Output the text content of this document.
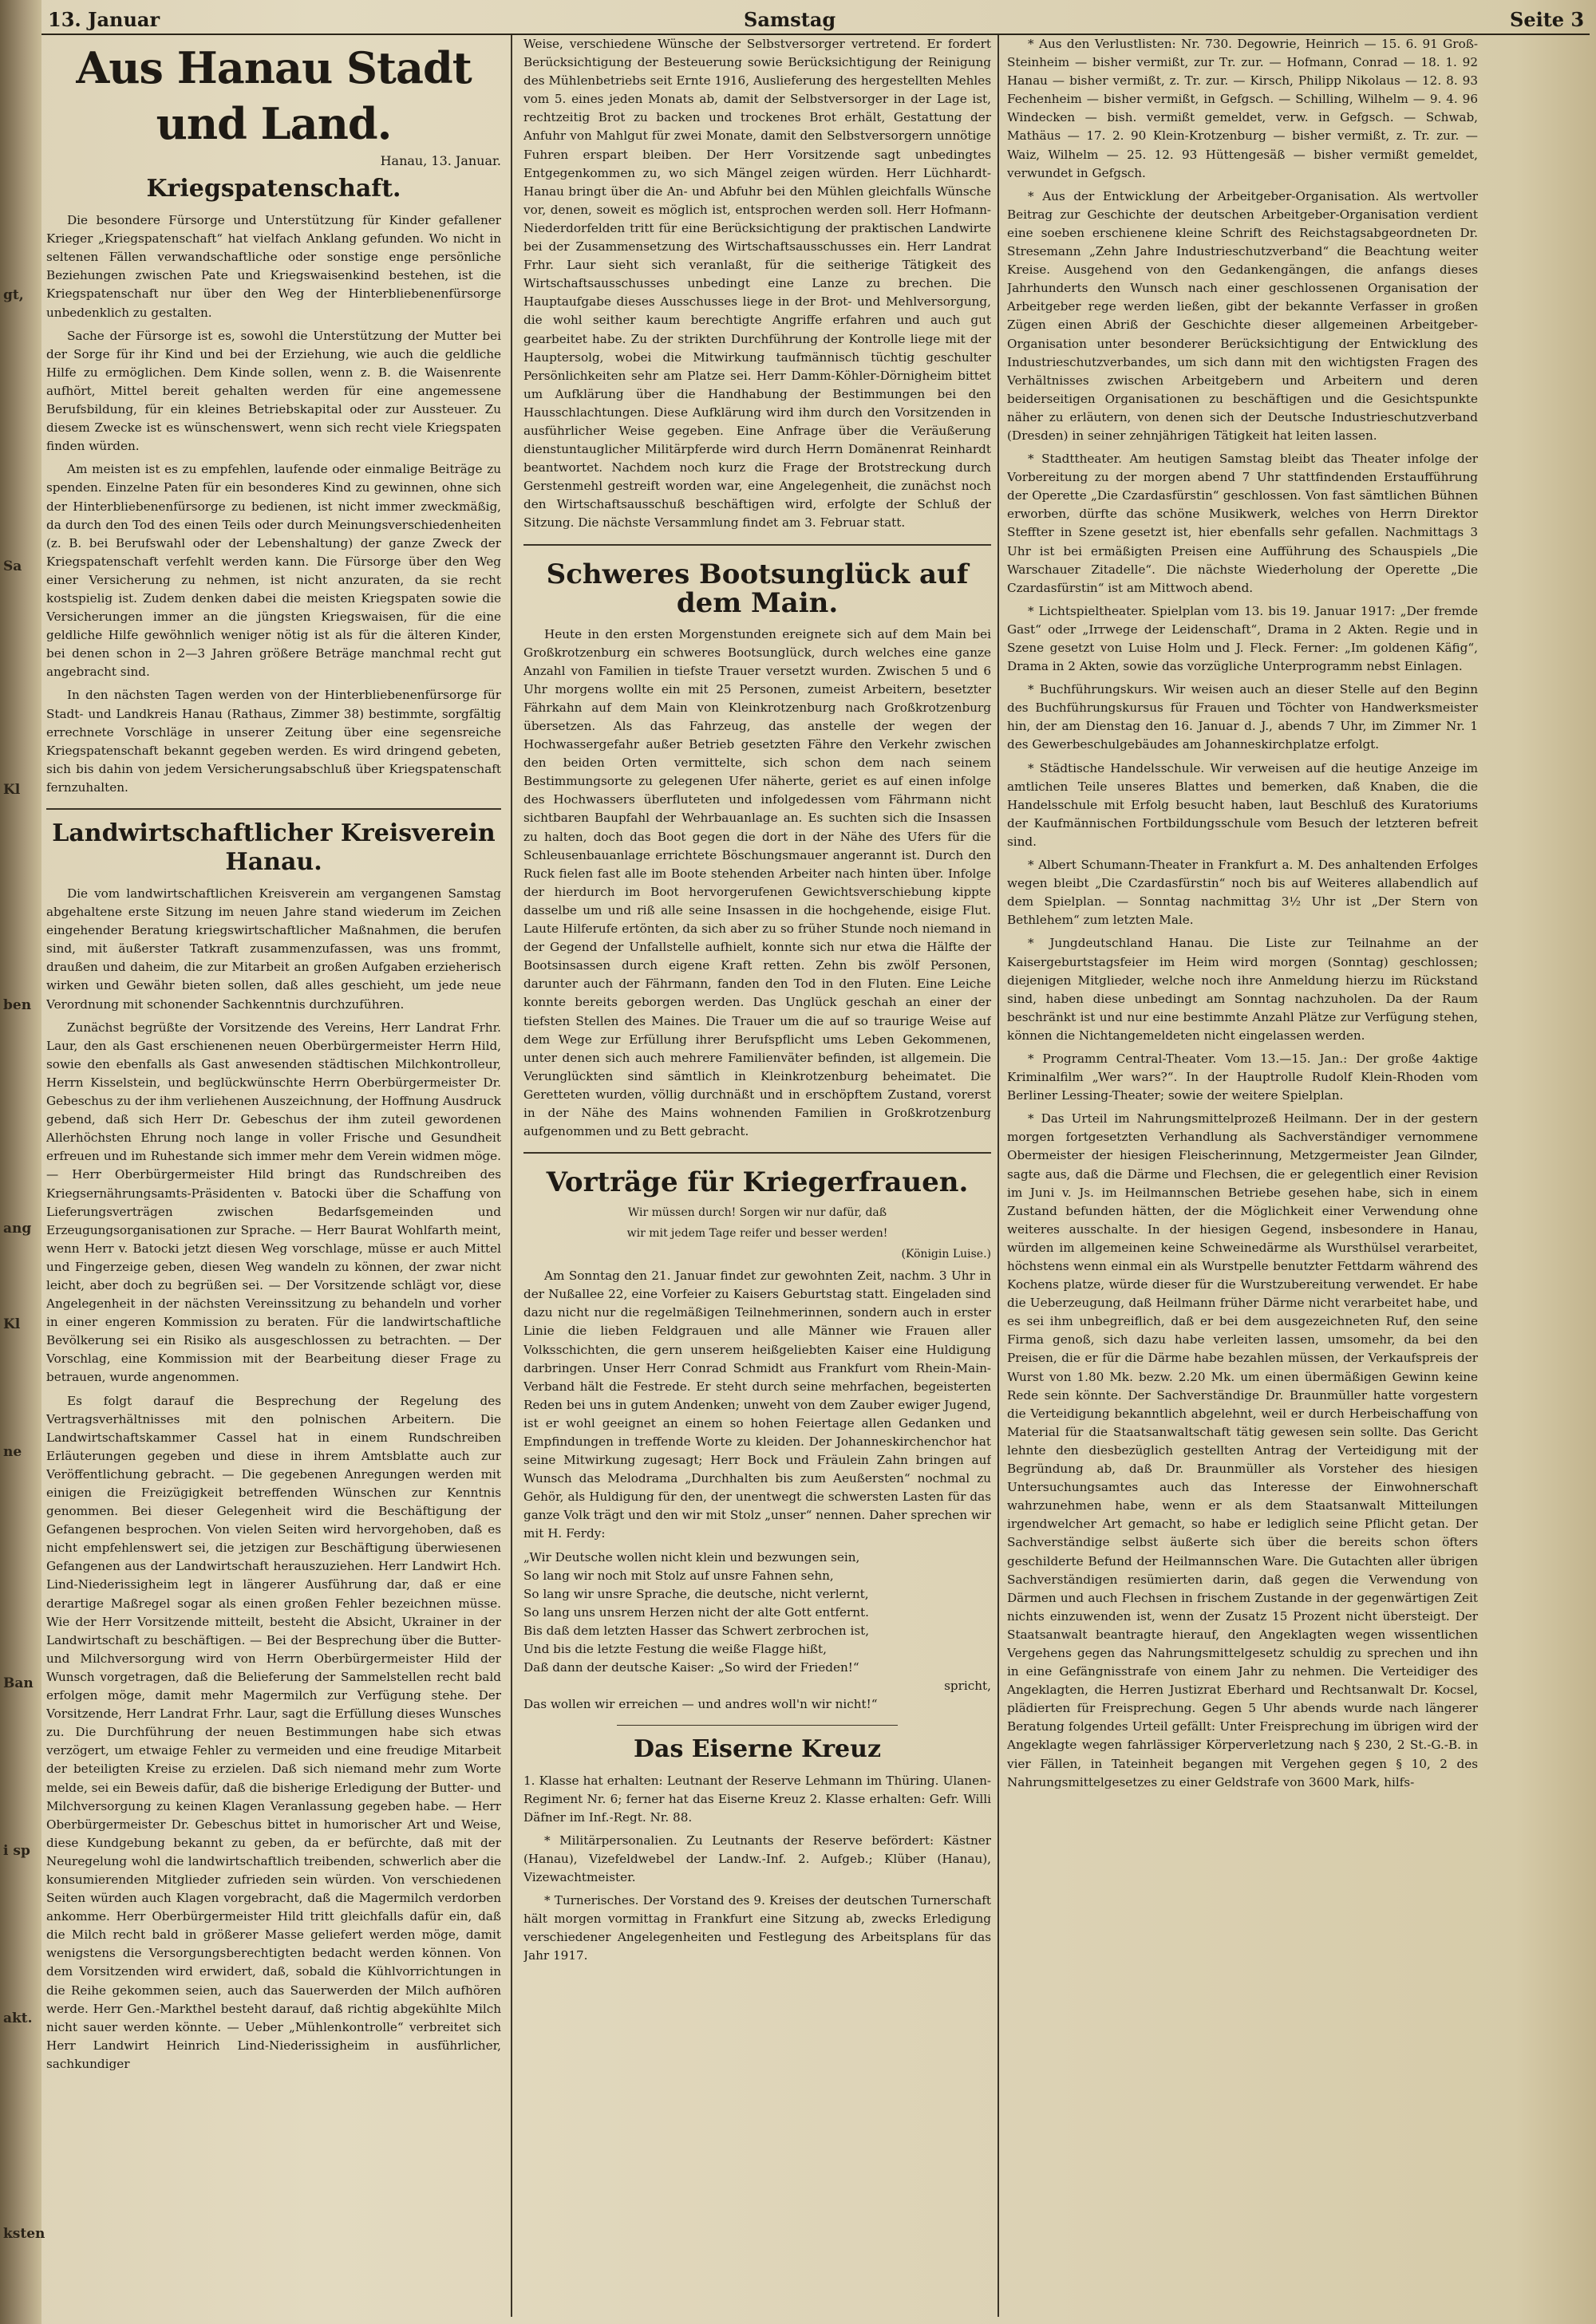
gt,
Sa
Kl
ben
ang
Kl
ne
Ban
i sp
akt.
ksten
13. Januar	Samstag	Seite 3
Aus Hanau Stadt und Land.

Hanau, 13. Januar.

Kriegspatenschaft.

Die besondere Fürsorge und Unterstützung für Kinder gefallener Krieger „Kriegspatenschaft“ hat vielfach Anklang gefunden. Wo nicht in seltenen Fällen verwandschaftliche oder sonstige enge persönliche Beziehungen zwischen Pate und Kriegswaisenkind bestehen, ist die Kriegspatenschaft nur über den Weg der Hinterbliebenenfürsorge unbedenklich zu gestalten.

Sache der Fürsorge ist es, sowohl die Unterstützung der Mutter bei der Sorge für ihr Kind und bei der Erziehung, wie auch die geldliche Hilfe zu ermöglichen. Dem Kinde sollen, wenn z. B. die Waisenrente aufhört, Mittel bereit gehalten werden für eine angemessene Berufsbildung, für ein kleines Betriebskapital oder zur Aussteuer. Zu diesem Zwecke ist es wünschenswert, wenn sich recht viele Kriegspaten finden würden.

Am meisten ist es zu empfehlen, laufende oder einmalige Beiträge zu spenden. Einzelne Paten für ein besonderes Kind zu gewinnen, ohne sich der Hinterbliebenenfürsorge zu bedienen, ist nicht immer zweckmäßig, da durch den Tod des einen Teils oder durch Meinungsverschiedenheiten (z. B. bei Berufswahl oder der Lebenshaltung) der ganze Zweck der Kriegspatenschaft verfehlt werden kann. Die Fürsorge über den Weg einer Versicherung zu nehmen, ist nicht anzuraten, da sie recht kostspielig ist. Zudem denken dabei die meisten Kriegspaten sowie die Versicherungen immer an die jüngsten Kriegswaisen, für die eine geldliche Hilfe gewöhnlich weniger nötig ist als für die älteren Kinder, bei denen schon in 2—3 Jahren größere Beträge manchmal recht gut angebracht sind.

In den nächsten Tagen werden von der Hinterbliebenenfürsorge für Stadt- und Landkreis Hanau (Rathaus, Zimmer 38) bestimmte, sorgfältig errechnete Vorschläge in unserer Zeitung über eine segensreiche Kriegspatenschaft bekannt gegeben werden. Es wird dringend gebeten, sich bis dahin von jedem Versicherungsabschluß über Kriegspatenschaft fernzuhalten.

Landwirtschaftlicher Kreisverein Hanau.

Die vom landwirtschaftlichen Kreisverein am vergangenen Samstag abgehaltene erste Sitzung im neuen Jahre stand wiederum im Zeichen eingehender Beratung kriegswirtschaftlicher Maßnahmen, die berufen sind, mit äußerster Tatkraft zusammenzufassen, was uns frommt, draußen und daheim, die zur Mitarbeit an großen Aufgaben erzieherisch wirken und Gewähr bieten sollen, daß alles geschieht, um jede neue Verordnung mit schonender Sachkenntnis durchzuführen.

Zunächst begrüßte der Vorsitzende des Vereins, Herr Landrat Frhr. Laur, den als Gast erschienenen neuen Oberbürgermeister Herrn Hild, sowie den ebenfalls als Gast anwesenden städtischen Milchkontrolleur, Herrn Kisselstein, und beglückwünschte Herrn Oberbürgermeister Dr. Gebeschus zu der ihm verliehenen Auszeichnung, der Hoffnung Ausdruck gebend, daß sich Herr Dr. Gebeschus der ihm zuteil gewordenen Allerhöchsten Ehrung noch lange in voller Frische und Gesundheit erfreuen und im Ruhestande sich immer mehr dem Verein widmen möge. — Herr Oberbürgermeister Hild bringt das Rundschreiben des Kriegsernährungsamts-Präsidenten v. Batocki über die Schaffung von Lieferungsverträgen zwischen Bedarfsgemeinden und Erzeugungsorganisationen zur Sprache. — Herr Baurat Wohlfarth meint, wenn Herr v. Batocki jetzt diesen Weg vorschlage, müsse er auch Mittel und Fingerzeige geben, diesen Weg wandeln zu können, der zwar nicht leicht, aber doch zu begrüßen sei. — Der Vorsitzende schlägt vor, diese Angelegenheit in der nächsten Vereinssitzung zu behandeln und vorher in einer engeren Kommission zu beraten. Für die landwirtschaftliche Bevölkerung sei ein Risiko als ausgeschlossen zu betrachten. — Der Vorschlag, eine Kommission mit der Bearbeitung dieser Frage zu betrauen, wurde angenommen.

Es folgt darauf die Besprechung der Regelung des Vertragsverhältnisses mit den polnischen Arbeitern. Die Landwirtschaftskammer Cassel hat in einem Rundschreiben Erläuterungen gegeben und diese in ihrem Amtsblatte auch zur Veröffentlichung gebracht. — Die gegebenen Anregungen werden mit einigen die Freizügigkeit betreffenden Wünschen zur Kenntnis genommen. Bei dieser Gelegenheit wird die Beschäftigung der Gefangenen besprochen. Von vielen Seiten wird hervorgehoben, daß es nicht empfehlenswert sei, die jetzigen zur Beschäftigung überwiesenen Gefangenen aus der Landwirtschaft herauszuziehen. Herr Landwirt Hch. Lind-Niederissigheim legt in längerer Ausführung dar, daß er eine derartige Maßregel sogar als einen großen Fehler bezeichnen müsse. Wie der Herr Vorsitzende mitteilt, besteht die Absicht, Ukrainer in der Landwirtschaft zu beschäftigen. — Bei der Besprechung über die Butter- und Milchversorgung wird von Herrn Oberbürgermeister Hild der Wunsch vorgetragen, daß die Belieferung der Sammelstellen recht bald erfolgen möge, damit mehr Magermilch zur Verfügung stehe. Der Vorsitzende, Herr Landrat Frhr. Laur, sagt die Erfüllung dieses Wunsches zu. Die Durchführung der neuen Bestimmungen habe sich etwas verzögert, um etwaige Fehler zu vermeiden und eine freudige Mitarbeit der beteiligten Kreise zu erzielen. Daß sich niemand mehr zum Worte melde, sei ein Beweis dafür, daß die bisherige Erledigung der Butter- und Milchversorgung zu keinen Klagen Veranlassung gegeben habe. — Herr Oberbürgermeister Dr. Gebeschus bittet in humorischer Art und Weise, diese Kundgebung bekannt zu geben, da er befürchte, daß mit der Neuregelung wohl die landwirtschaftlich treibenden, schwerlich aber die konsumierenden Mitglieder zufrieden sein würden. Von verschiedenen Seiten würden auch Klagen vorgebracht, daß die Magermilch verdorben ankomme. Herr Oberbürgermeister Hild tritt gleichfalls dafür ein, daß die Milch recht bald in größerer Masse geliefert werden möge, damit wenigstens die Versorgungsberechtigten bedacht werden können. Von dem Vorsitzenden wird erwidert, daß, sobald die Kühlvorrichtungen in die Reihe gekommen seien, auch das Sauerwerden der Milch aufhören werde. Herr Gen.-Markthel besteht darauf, daß richtig abgekühlte Milch nicht sauer werden könnte. — Ueber „Mühlenkontrolle“ verbreitet sich Herr Landwirt Heinrich Lind-Niederissigheim in ausführlicher, sachkundiger

Weise, verschiedene Wünsche der Selbstversorger vertretend. Er fordert Berücksichtigung der Besteuerung sowie Berücksichtigung der Reinigung des Mühlenbetriebs seit Ernte 1916, Auslieferung des hergestellten Mehles vom 5. eines jeden Monats ab, damit der Selbstversorger in der Lage ist, rechtzeitig Brot zu backen und trockenes Brot erhält, Gestattung der Anfuhr von Mahlgut für zwei Monate, damit den Selbstversorgern unnötige Fuhren erspart bleiben. Der Herr Vorsitzende sagt unbedingtes Entgegenkommen zu, wo sich Mängel zeigen würden. Herr Lüchhardt-Hanau bringt über die An- und Abfuhr bei den Mühlen gleichfalls Wünsche vor, denen, soweit es möglich ist, entsprochen werden soll. Herr Hofmann-Niederdorfelden tritt für eine Berücksichtigung der praktischen Landwirte bei der Zusammensetzung des Wirtschaftsausschusses ein. Herr Landrat Frhr. Laur sieht sich veranlaßt, für die seitherige Tätigkeit des Wirtschaftsausschusses unbedingt eine Lanze zu brechen. Die Hauptaufgabe dieses Ausschusses liege in der Brot- und Mehlversorgung, die wohl seither kaum berechtigte Angriffe erfahren und auch gut gearbeitet habe. Zu der strikten Durchführung der Kontrolle liege mit der Hauptersolg, wobei die Mitwirkung taufmännisch tüchtig geschulter Persönlichkeiten sehr am Platze sei. Herr Damm-Köhler-Dörnigheim bittet um Aufklärung über die Handhabung der Bestimmungen bei den Hausschlachtungen. Diese Aufklärung wird ihm durch den Vorsitzenden in ausführlicher Weise gegeben. Eine Anfrage über die Veräußerung dienstuntauglicher Militärpferde wird durch Herrn Domänenrat Reinhardt beantwortet. Nachdem noch kurz die Frage der Brotstreckung durch Gerstenmehl gestreift worden war, eine Angelegenheit, die zunächst noch den Wirtschaftsausschuß beschäftigen wird, erfolgte der Schluß der Sitzung. Die nächste Versammlung findet am 3. Februar statt.

Schweres Bootsunglück auf dem Main.

Heute in den ersten Morgenstunden ereignete sich auf dem Main bei Großkrotzenburg ein schweres Bootsunglück, durch welches eine ganze Anzahl von Familien in tiefste Trauer versetzt wurden. Zwischen 5 und 6 Uhr morgens wollte ein mit 25 Personen, zumeist Arbeitern, besetzter Fährkahn auf dem Main von Kleinkrotzenburg nach Großkrotzenburg übersetzen. Als das Fahrzeug, das anstelle der wegen der Hochwassergefahr außer Betrieb gesetzten Fähre den Verkehr zwischen den beiden Orten vermittelte, sich schon dem nach seinem Bestimmungsorte zu gelegenen Ufer näherte, geriet es auf einen infolge des Hochwassers überfluteten und infolgedessen vom Fährmann nicht sichtbaren Baupfahl der Wehrbauanlage an. Es suchten sich die Insassen zu halten, doch das Boot gegen die dort in der Nähe des Ufers für die Schleusenbauanlage errichtete Böschungsmauer angerannt ist. Durch den Ruck fielen fast alle im Boote stehenden Arbeiter nach hinten über. Infolge der hierdurch im Boot hervorgerufenen Gewichtsverschiebung kippte dasselbe um und riß alle seine Insassen in die hochgehende, eisige Flut. Laute Hilferufe ertönten, da sich aber zu so früher Stunde noch niemand in der Gegend der Unfallstelle aufhielt, konnte sich nur etwa die Hälfte der Bootsinsassen durch eigene Kraft retten. Zehn bis zwölf Personen, darunter auch der Fährmann, fanden den Tod in den Fluten. Eine Leiche konnte bereits geborgen werden. Das Unglück geschah an einer der tiefsten Stellen des Maines. Die Trauer um die auf so traurige Weise auf dem Wege zur Erfüllung ihrer Berufspflicht ums Leben Gekommenen, unter denen sich auch mehrere Familienväter befinden, ist allgemein. Die Verunglückten sind sämtlich in Kleinkrotzenburg beheimatet. Die Geretteten wurden, völlig durchnäßt und in erschöpftem Zustand, vorerst in der Nähe des Mains wohnenden Familien in Großkrotzenburg aufgenommen und zu Bett gebracht.

Vorträge für Kriegerfrauen.

Wir müssen durch! Sorgen wir nur dafür, daß

wir mit jedem Tage reifer und besser werden!

(Königin Luise.)

Am Sonntag den 21. Januar findet zur gewohnten Zeit, nachm. 3 Uhr in der Nußallee 22, eine Vorfeier zu Kaisers Geburtstag statt. Eingeladen sind dazu nicht nur die regelmäßigen Teilnehmerinnen, sondern auch in erster Linie die lieben Feldgrauen und alle Männer wie Frauen aller Volksschichten, die gern unserem heißgeliebten Kaiser eine Huldigung darbringen. Unser Herr Conrad Schmidt aus Frankfurt vom Rhein-Main-Verband hält die Festrede. Er steht durch seine mehrfachen, begeisterten Reden bei uns in gutem Andenken; unweht von dem Zauber ewiger Jugend, ist er wohl geeignet an einem so hohen Feiertage allen Gedanken und Empfindungen in treffende Worte zu kleiden. Der Johanneskirchenchor hat seine Mitwirkung zugesagt; Herr Bock und Fräulein Zahn bringen auf Wunsch das Melodrama „Durchhalten bis zum Aeußersten“ nochmal zu Gehör, als Huldigung für den, der unentwegt die schwersten Lasten für das ganze Volk trägt und den wir mit Stolz „unser“ nennen. Daher sprechen wir mit H. Ferdy:

„Wir Deutsche wollen nicht klein und bezwungen sein,

So lang wir noch mit Stolz auf unsre Fahnen sehn,

So lang wir unsre Sprache, die deutsche, nicht verlernt,

So lang uns unsrem Herzen nicht der alte Gott entfernt.

Bis daß dem letzten Hasser das Schwert zerbrochen ist,

Und bis die letzte Festung die weiße Flagge hißt,

Daß dann der deutsche Kaiser: „So wird der Frieden!“

spricht,

Das wollen wir erreichen — und andres woll'n wir nicht!“

Das Eiserne Kreuz

1. Klasse hat erhalten: Leutnant der Reserve Lehmann im Thüring. Ulanen-Regiment Nr. 6; ferner hat das Eiserne Kreuz 2. Klasse erhalten: Gefr. Willi Däfner im Inf.-Regt. Nr. 88.

* Militärpersonalien. Zu Leutnants der Reserve befördert: Kästner (Hanau), Vizefeldwebel der Landw.-Inf. 2. Aufgeb.; Klüber (Hanau), Vizewachtmeister.

* Turnerisches. Der Vorstand des 9. Kreises der deutschen Turnerschaft hält morgen vormittag in Frankfurt eine Sitzung ab, zwecks Erledigung verschiedener Angelegenheiten und Festlegung des Arbeitsplans für das Jahr 1917.

* Aus den Verlustlisten: Nr. 730. Degowrie, Heinrich — 15. 6. 91 Groß-Steinheim — bisher vermißt, zur Tr. zur. — Hofmann, Conrad — 18. 1. 92 Hanau — bisher vermißt, z. Tr. zur. — Kirsch, Philipp Nikolaus — 12. 8. 93 Fechenheim — bisher vermißt, in Gefgsch. — Schilling, Wilhelm — 9. 4. 96 Windecken — bish. vermißt gemeldet, verw. in Gefgsch. — Schwab, Mathäus — 17. 2. 90 Klein-Krotzenburg — bisher vermißt, z. Tr. zur. — Waiz, Wilhelm — 25. 12. 93 Hüttengesäß — bisher vermißt gemeldet, verwundet in Gefgsch.

* Aus der Entwicklung der Arbeitgeber-Organisation. Als wertvoller Beitrag zur Geschichte der deutschen Arbeitgeber-Organisation verdient eine soeben erschienene kleine Schrift des Reichstagsabgeordneten Dr. Stresemann „Zehn Jahre Industrieschutzverband“ die Beachtung weiter Kreise. Ausgehend von den Gedankengängen, die anfangs dieses Jahrhunderts den Wunsch nach einer geschlossenen Organisation der Arbeitgeber rege werden ließen, gibt der bekannte Verfasser in großen Zügen einen Abriß der Geschichte dieser allgemeinen Arbeitgeber-Organisation unter besonderer Berücksichtigung der Entwicklung des Industrieschutzverbandes, um sich dann mit den wichtigsten Fragen des Verhältnisses zwischen Arbeitgebern und Arbeitern und deren beiderseitigen Organisationen zu beschäftigen und die Gesichtspunkte näher zu erläutern, von denen sich der Deutsche Industrieschutzverband (Dresden) in seiner zehnjährigen Tätigkeit hat leiten lassen.

* Stadttheater. Am heutigen Samstag bleibt das Theater infolge der Vorbereitung zu der morgen abend 7 Uhr stattfindenden Erstaufführung der Operette „Die Czardasfürstin“ geschlossen. Von fast sämtlichen Bühnen erworben, dürfte das schöne Musikwerk, welches von Herrn Direktor Steffter in Szene gesetzt ist, hier ebenfalls sehr gefallen. Nachmittags 3 Uhr ist bei ermäßigten Preisen eine Aufführung des Schauspiels „Die Warschauer Zitadelle“. Die nächste Wiederholung der Operette „Die Czardasfürstin“ ist am Mittwoch abend.

* Lichtspieltheater. Spielplan vom 13. bis 19. Januar 1917: „Der fremde Gast“ oder „Irrwege der Leidenschaft“, Drama in 2 Akten. Regie und in Szene gesetzt von Luise Holm und J. Fleck. Ferner: „Im goldenen Käfig“, Drama in 2 Akten, sowie das vorzügliche Unterprogramm nebst Einlagen.

* Buchführungskurs. Wir weisen auch an dieser Stelle auf den Beginn des Buchführungskursus für Frauen und Töchter von Handwerksmeister hin, der am Dienstag den 16. Januar d. J., abends 7 Uhr, im Zimmer Nr. 1 des Gewerbeschulgebäudes am Johanneskirchplatze erfolgt.

* Städtische Handelsschule. Wir verweisen auf die heutige Anzeige im amtlichen Teile unseres Blattes und bemerken, daß Knaben, die die Handelsschule mit Erfolg besucht haben, laut Beschluß des Kuratoriums der Kaufmännischen Fortbildungsschule vom Besuch der letzteren befreit sind.

* Albert Schumann-Theater in Frankfurt a. M. Des anhaltenden Erfolges wegen bleibt „Die Czardasfürstin“ noch bis auf Weiteres allabendlich auf dem Spielplan. — Sonntag nachmittag 3½ Uhr ist „Der Stern von Bethlehem“ zum letzten Male.

* Jungdeutschland Hanau. Die Liste zur Teilnahme an der Kaisergeburtstagsfeier im Heim wird morgen (Sonntag) geschlossen; diejenigen Mitglieder, welche noch ihre Anmeldung hierzu im Rückstand sind, haben diese unbedingt am Sonntag nachzuholen. Da der Raum beschränkt ist und nur eine bestimmte Anzahl Plätze zur Verfügung stehen, können die Nichtangemeldeten nicht eingelassen werden.

* Programm Central-Theater. Vom 13.—15. Jan.: Der große 4aktige Kriminalfilm „Wer wars?“. In der Hauptrolle Rudolf Klein-Rhoden vom Berliner Lessing-Theater; sowie der weitere Spielplan.

* Das Urteil im Nahrungsmittelprozeß Heilmann. Der in der gestern morgen fortgesetzten Verhandlung als Sachverständiger vernommene Obermeister der hiesigen Fleischerinnung, Metzgermeister Jean Gilnder, sagte aus, daß die Därme und Flechsen, die er gelegentlich einer Revision im Juni v. Js. im Heilmannschen Betriebe gesehen habe, sich in einem Zustand befunden hätten, der die Möglichkeit einer Verwendung ohne weiteres ausschalte. In der hiesigen Gegend, insbesondere in Hanau, würden im allgemeinen keine Schweinedärme als Wursthülsel verarbeitet, höchstens wenn einmal ein als Wurstpelle benutzter Fettdarm während des Kochens platze, würde dieser für die Wurstzubereitung verwendet. Er habe die Ueberzeugung, daß Heilmann früher Därme nicht verarbeitet habe, und es sei ihm unbegreiflich, daß er bei dem ausgezeichneten Ruf, den seine Firma genoß, sich dazu habe verleiten lassen, umsomehr, da bei den Preisen, die er für die Därme habe bezahlen müssen, der Verkaufspreis der Wurst von 1.80 Mk. bezw. 2.20 Mk. um einen übermäßigen Gewinn keine Rede sein könnte. Der Sachverständige Dr. Braunmüller hatte vorgestern die Verteidigung bekanntlich abgelehnt, weil er durch Herbeischaffung von Material für die Staatsanwaltschaft tätig gewesen sein sollte. Das Gericht lehnte den diesbezüglich gestellten Antrag der Verteidigung mit der Begründung ab, daß Dr. Braunmüller als Vorsteher des hiesigen Untersuchungsamtes auch das Interesse der Einwohnerschaft wahrzunehmen habe, wenn er als dem Staatsanwalt Mitteilungen irgendwelcher Art gemacht, so habe er lediglich seine Pflicht getan. Der Sachverständige selbst äußerte sich über die bereits schon öfters geschilderte Befund der Heilmannschen Ware. Die Gutachten aller übrigen Sachverständigen resümierten darin, daß gegen die Verwendung von Därmen und auch Flechsen in frischem Zustande in der gegenwärtigen Zeit nichts einzuwenden ist, wenn der Zusatz 15 Prozent nicht übersteigt. Der Staatsanwalt beantragte hierauf, den Angeklagten wegen wissentlichen Vergehens gegen das Nahrungsmittelgesetz schuldig zu sprechen und ihn in eine Gefängnisstrafe von einem Jahr zu nehmen. Die Verteidiger des Angeklagten, die Herren Justizrat Eberhard und Rechtsanwalt Dr. Kocsel, plädierten für Freisprechung. Gegen 5 Uhr abends wurde nach längerer Beratung folgendes Urteil gefällt: Unter Freisprechung im übrigen wird der Angeklagte wegen fahrlässiger Körperverletzung nach § 230, 2 St.-G.-B. in vier Fällen, in Tateinheit begangen mit Vergehen gegen § 10, 2 des Nahrungsmittelgesetzes zu einer Geldstrafe von 3600 Mark, hilfs-
